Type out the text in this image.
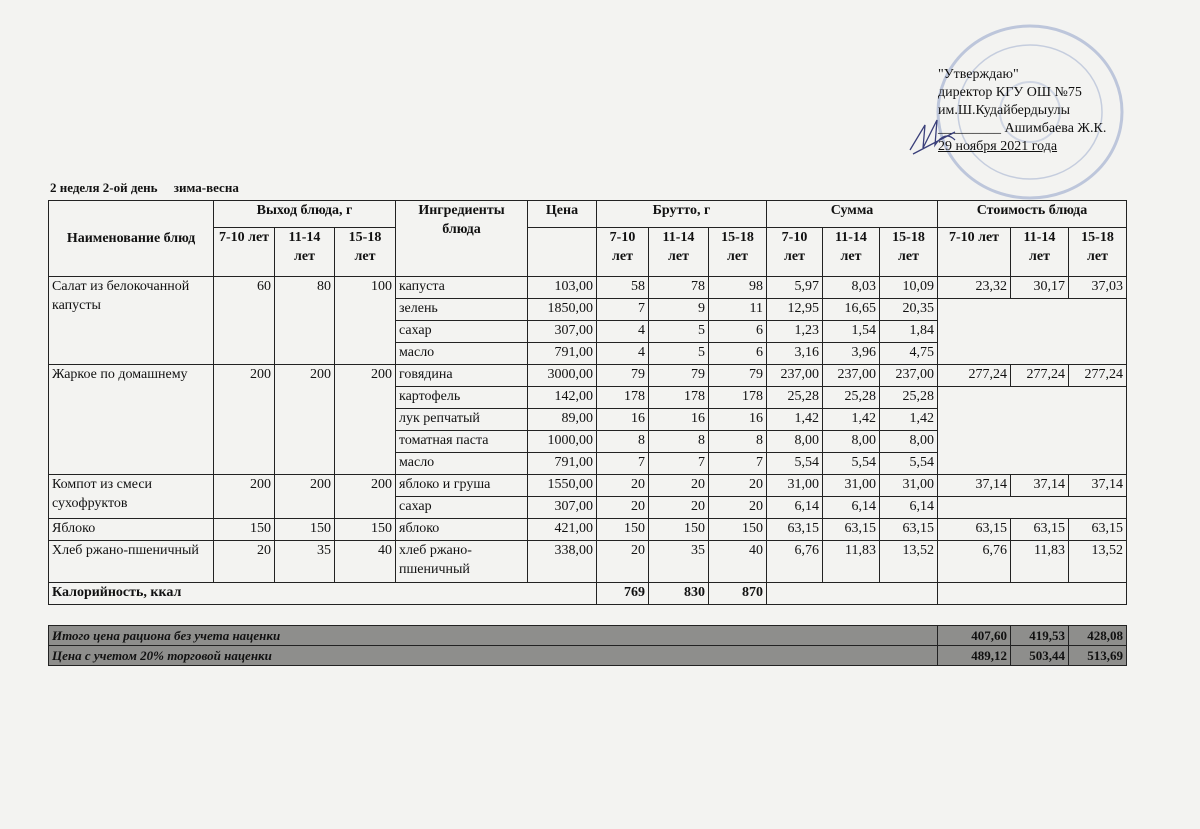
"Утверждаю"
директор КГУ ОШ №75
им.Ш.Кудайбердыулы
_________ Ашимбаева Ж.К.
29 ноября 2021 года
2 неделя 2-ой день зима-весна
Наименование блюд	Выход блюда, г			Ингредиенты блюда	Цена	Брутто, г			Сумма			Стоимость блюда		
	7-10 лет	11-14 лет	15-18 лет			7-10 лет	11-14 лет	15-18 лет	7-10 лет	11-14 лет	15-18 лет	7-10 лет	11-14 лет	15-18 лет
Салат из белокочанной капусты	60	80	100	капуста	103,00	58	78	98	5,97	8,03	10,09	23,32	30,17	37,03
				зелень	1850,00	7	9	11	12,95	16,65	20,35			
				сахар	307,00	4	5	6	1,23	1,54	1,84			
				масло	791,00	4	5	6	3,16	3,96	4,75			
Жаркое по домашнему	200	200	200	говядина	3000,00	79	79	79	237,00	237,00	237,00	277,24	277,24	277,24
				картофель	142,00	178	178	178	25,28	25,28	25,28			
				лук репчатый	89,00	16	16	16	1,42	1,42	1,42			
				томатная паста	1000,00	8	8	8	8,00	8,00	8,00			
				масло	791,00	7	7	7	5,54	5,54	5,54			
Компот из смеси сухофруктов	200	200	200	яблоко и груша	1550,00	20	20	20	31,00	31,00	31,00	37,14	37,14	37,14
				сахар	307,00	20	20	20	6,14	6,14	6,14			
Яблоко	150	150	150	яблоко	421,00	150	150	150	63,15	63,15	63,15	63,15	63,15	63,15
Хлеб ржано-пшеничный	20	35	40	хлеб ржано-пшеничный	338,00	20	35	40	6,76	11,83	13,52	6,76	11,83	13,52
Калорийность, ккал						769	830	870						
Итого цена рациона без учета наценки	407,60	419,53	428,08
Цена с учетом 20% торговой наценки	489,12	503,44	513,69
